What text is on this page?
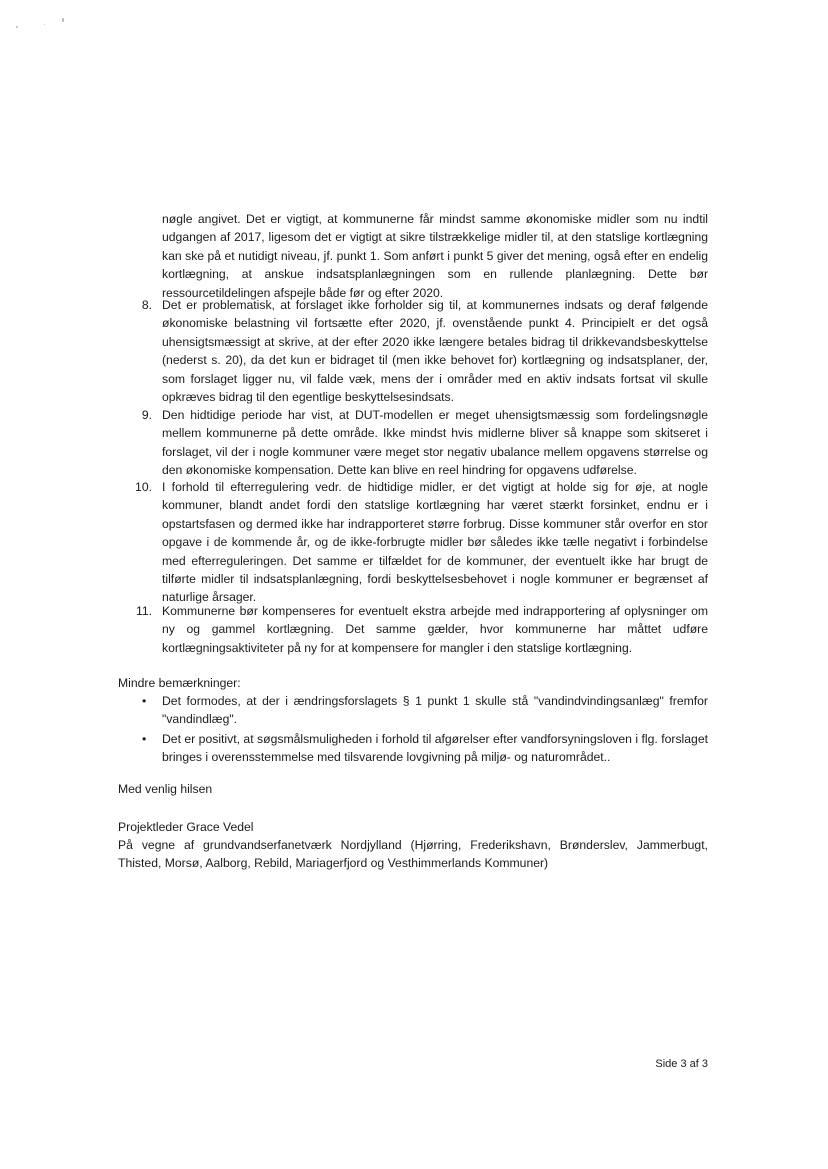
nøgle angivet. Det er vigtigt, at kommunerne får mindst samme økonomiske midler som nu indtil udgangen af 2017, ligesom det er vigtigt at sikre tilstrækkelige midler til, at den statslige kortlægning kan ske på et nutidigt niveau, jf. punkt 1. Som anført i punkt 5 giver det mening, også efter en endelig kortlægning, at anskue indsatsplanlægningen som en rullende planlægning. Dette bør ressourcetildelingen afspejle både før og efter 2020.

8. Det er problematisk, at forslaget ikke forholder sig til, at kommunernes indsats og deraf følgende økonomiske belastning vil fortsætte efter 2020, jf. ovenstående punkt 4. Principielt er det også uhensigtsmæssigt at skrive, at der efter 2020 ikke længere betales bidrag til drikkevandsbeskyttelse (nederst s. 20), da det kun er bidraget til (men ikke behovet for) kortlægning og indsatsplaner, der, som forslaget ligger nu, vil falde væk, mens der i områder med en aktiv indsats fortsat vil skulle opkræves bidrag til den egentlige beskyttelsesindsats.
9. Den hidtidige periode har vist, at DUT-modellen er meget uhensigtsmæssig som fordelingsnøgle mellem kommunerne på dette område. Ikke mindst hvis midlerne bliver så knappe som skitseret i forslaget, vil der i nogle kommuner være meget stor negativ ubalance mellem opgavens størrelse og den økonomiske kompensation. Dette kan blive en reel hindring for opgavens udførelse.
10. I forhold til efterregulering vedr. de hidtidige midler, er det vigtigt at holde sig for øje, at nogle kommuner, blandt andet fordi den statslige kortlægning har været stærkt forsinket, endnu er i opstartsfasen og dermed ikke har indrapporteret større forbrug. Disse kommuner står overfor en stor opgave i de kommende år, og de ikke-forbrugte midler bør således ikke tælle negativt i forbindelse med efterreguleringen. Det samme er tilfældet for de kommuner, der eventuelt ikke har brugt de tilførte midler til indsatsplanlægning, fordi beskyttelsesbehovet i nogle kommuner er begrænset af naturlige årsager.
11. Kommunerne bør kompenseres for eventuelt ekstra arbejde med indrapportering af oplysninger om ny og gammel kortlægning. Det samme gælder, hvor kommunerne har måttet udføre kortlægningsaktiviteter på ny for at kompensere for mangler i den statslige kortlægning.

Mindre bemærkninger:

• Det formodes, at der i ændringsforslagets § 1 punkt 1 skulle stå "vandindvindingsanlæg" fremfor "vandindlæg".
• Det er positivt, at søgsmålsmuligheden i forhold til afgørelser efter vandforsyningsloven i flg. forslaget bringes i overensstemmelse med tilsvarende lovgivning på miljø- og naturområdet..

Med venlig hilsen

Projektleder Grace Vedel

På vegne af grundvandserfanetværk Nordjylland (Hjørring, Frederikshavn, Brønderslev, Jammerbugt, Thisted, Morsø, Aalborg, Rebild, Mariagerfjord og Vesthimmerlands Kommuner)

Side 3 af 3
